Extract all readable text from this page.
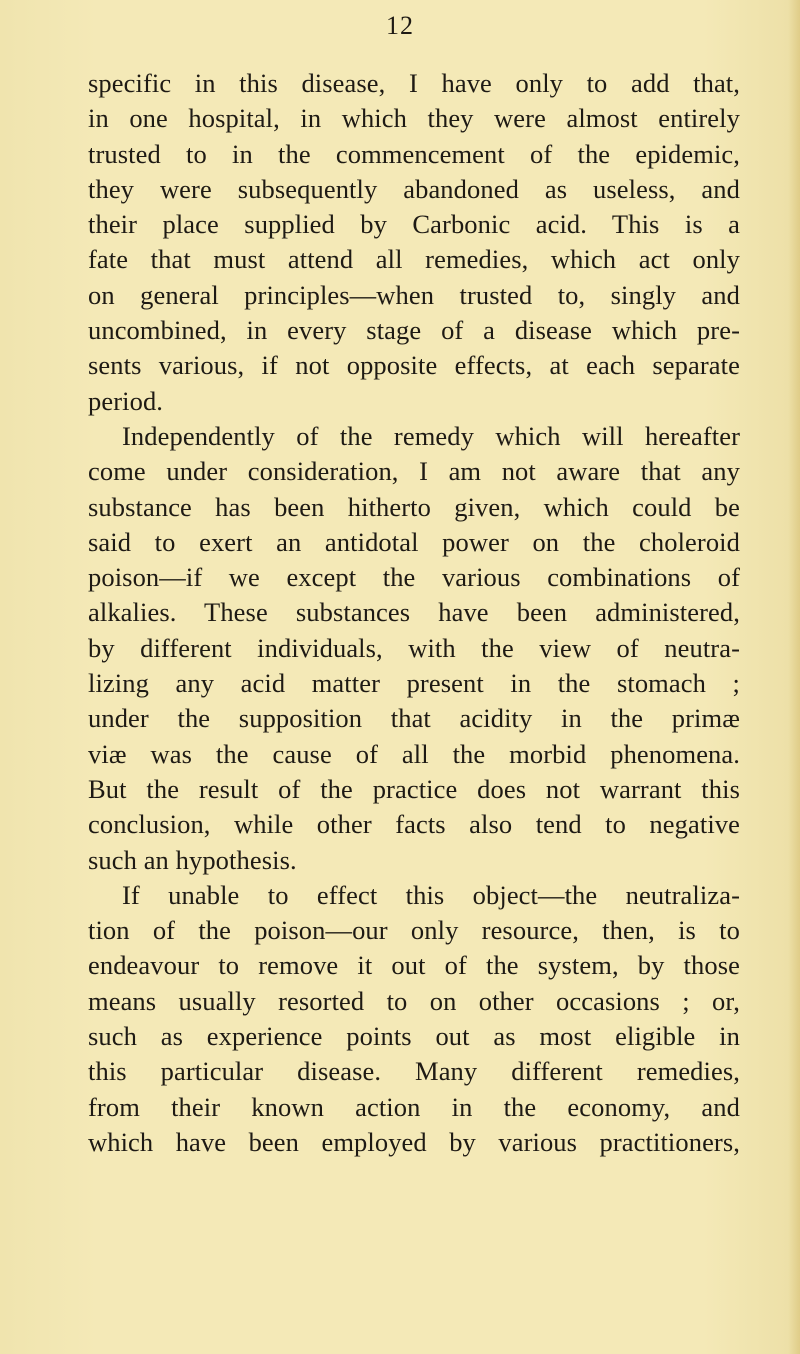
12
specific in this disease, I have only to add that,
in one hospital, in which they were almost entirely
trusted to in the commencement of the epidemic,
they were subsequently abandoned as useless, and
their place supplied by Carbonic acid. This is a
fate that must attend all remedies, which act only
on general principles—when trusted to, singly and
uncombined, in every stage of a disease which pre-
sents various, if not opposite effects, at each separate
period.
Independently of the remedy which will hereafter
come under consideration, I am not aware that any
substance has been hitherto given, which could be
said to exert an antidotal power on the choleroid
poison—if we except the various combinations of
alkalies. These substances have been administered,
by different individuals, with the view of neutra-
lizing any acid matter present in the stomach ;
under the supposition that acidity in the primæ
viæ was the cause of all the morbid phenomena.
But the result of the practice does not warrant this
conclusion, while other facts also tend to negative
such an hypothesis.
If unable to effect this object—the neutraliza-
tion of the poison—our only resource, then, is to
endeavour to remove it out of the system, by those
means usually resorted to on other occasions ; or,
such as experience points out as most eligible in
this particular disease. Many different remedies,
from their known action in the economy, and
which have been employed by various practitioners,
